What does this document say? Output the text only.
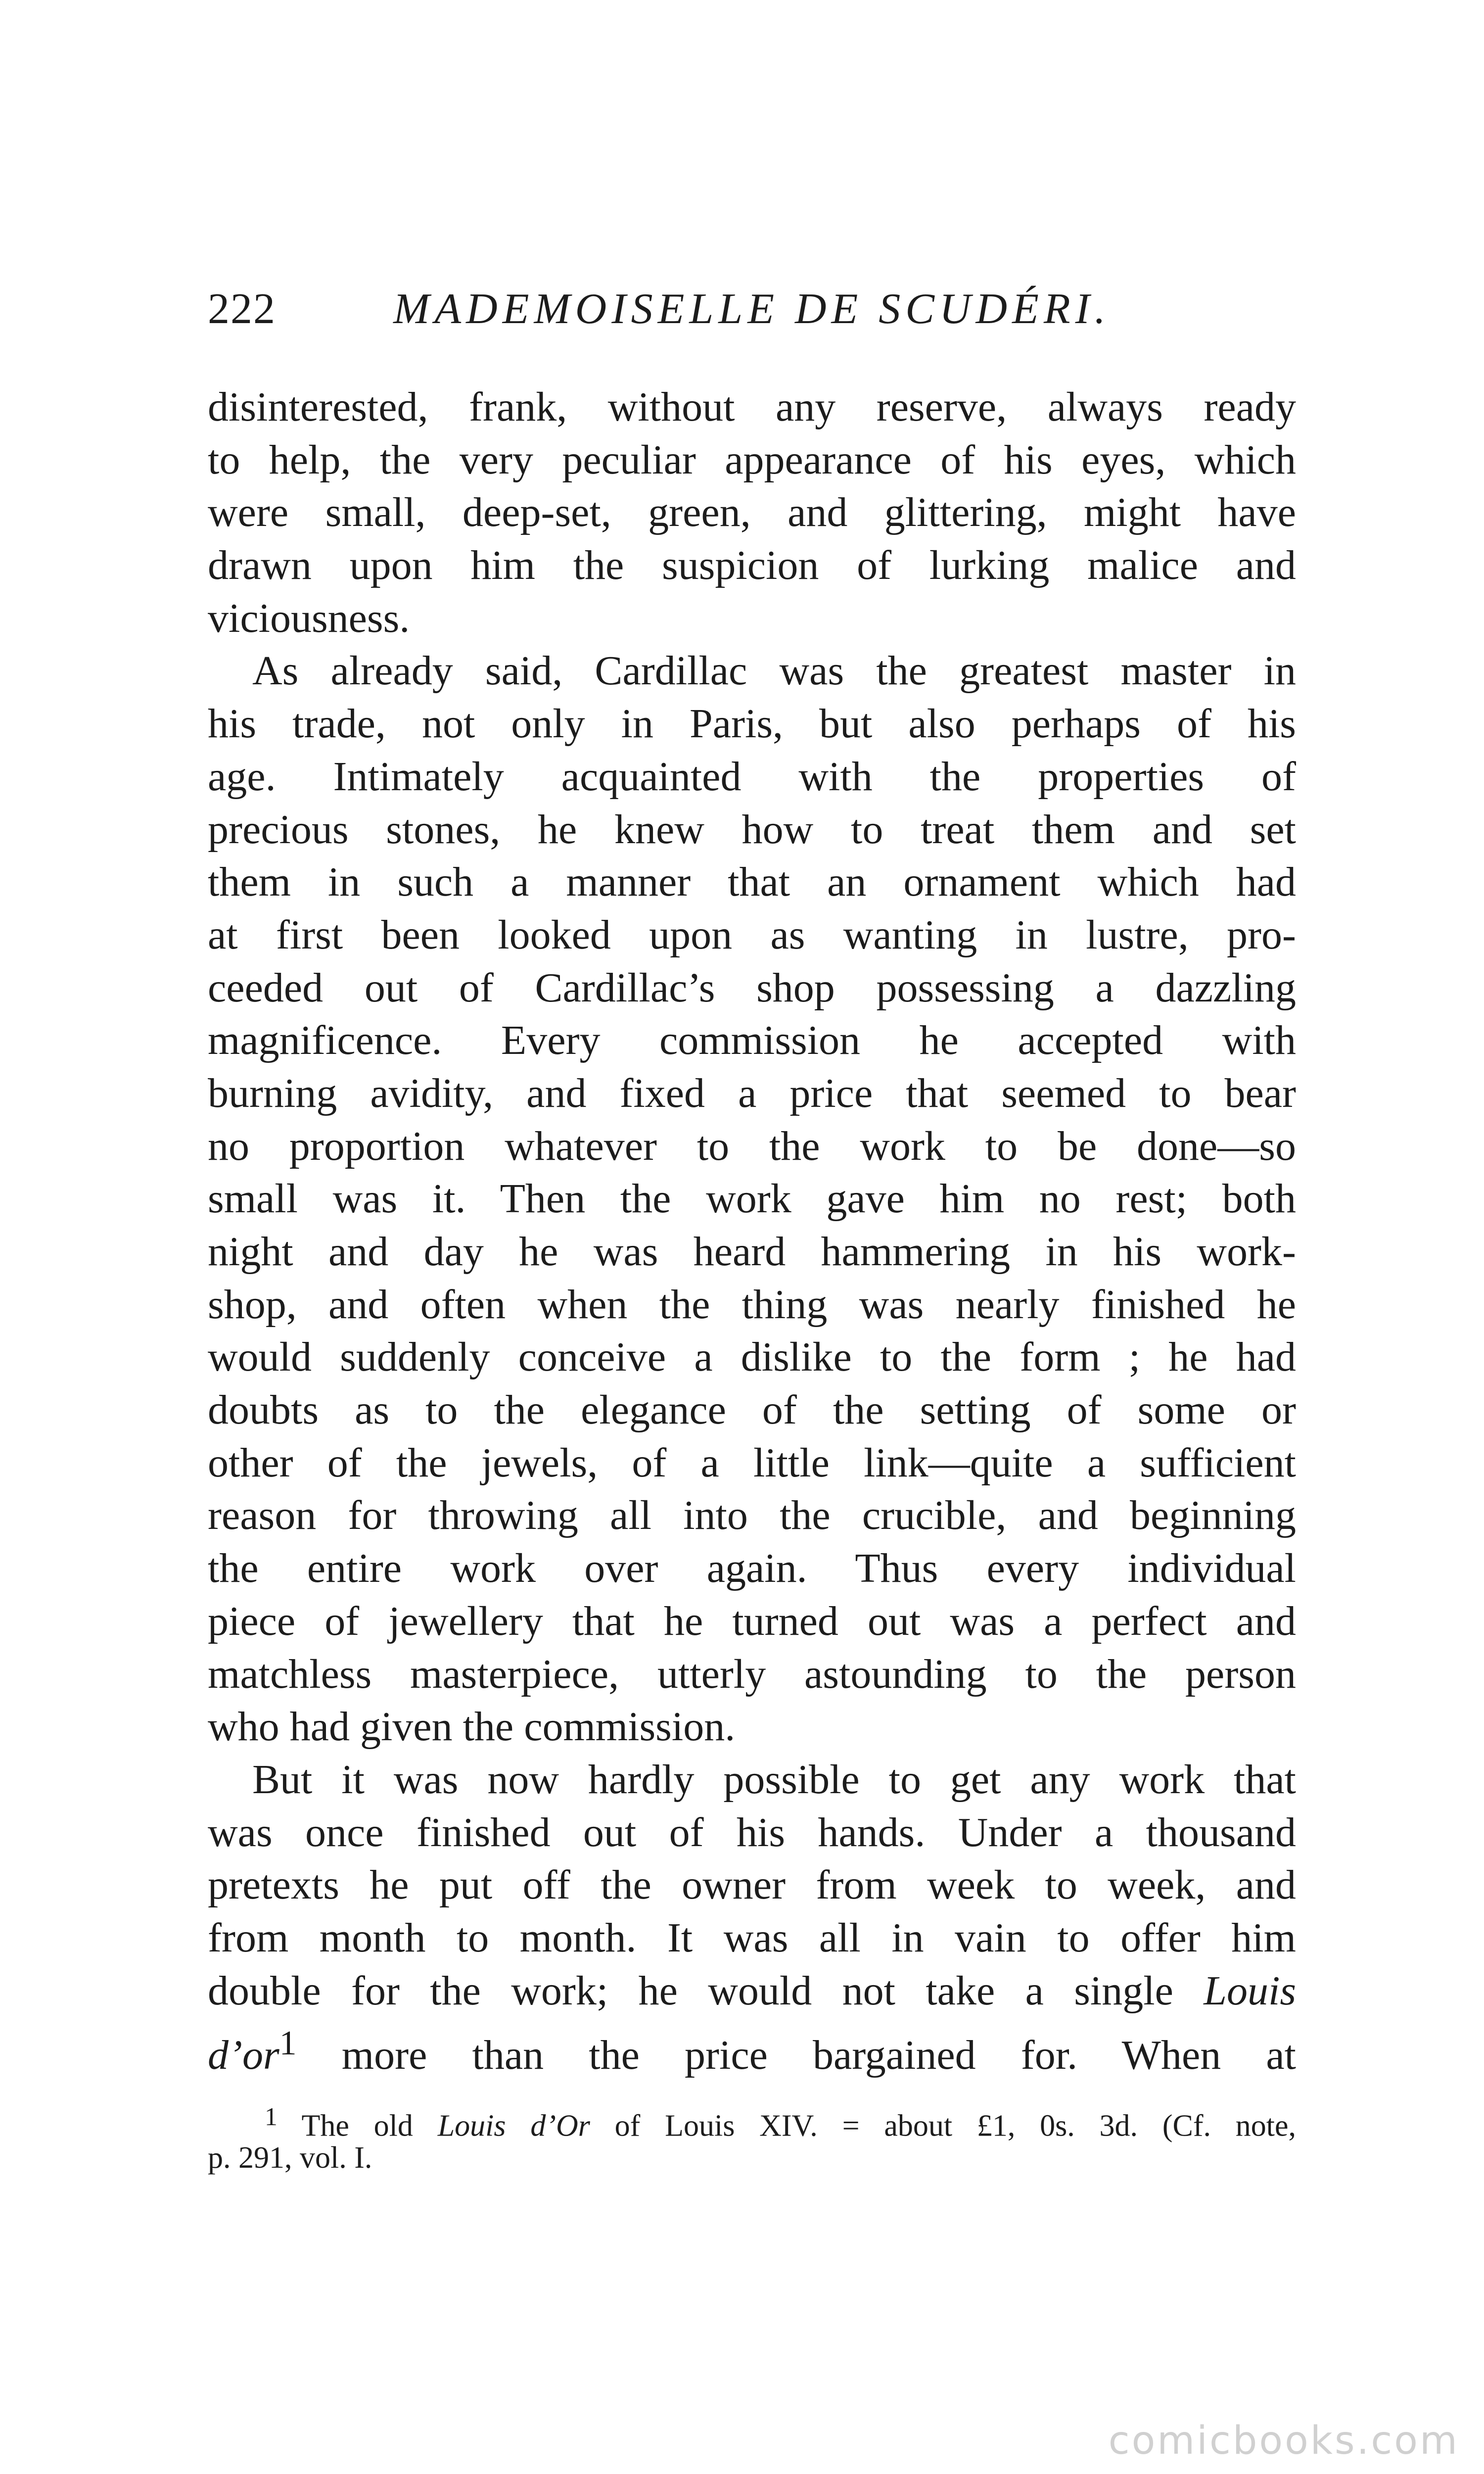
222	MADEMOISELLE DE SCUDÉRI.
disinterested, frank, without any reserve, always ready
to help, the very peculiar appearance of his eyes, which
were small, deep-set, green, and glittering, might have
drawn upon him the suspicion of lurking malice and
viciousness.
As already said, Cardillac was the greatest master in
his trade, not only in Paris, but also perhaps of his
age. Intimately acquainted with the properties of
precious stones, he knew how to treat them and set
them in such a manner that an ornament which had
at first been looked upon as wanting in lustre, pro-
ceeded out of Cardillac’s shop possessing a dazzling
magnificence. Every commission he accepted with
burning avidity, and fixed a price that seemed to bear
no proportion whatever to the work to be done—so
small was it. Then the work gave him no rest; both
night and day he was heard hammering in his work-
shop, and often when the thing was nearly finished he
would suddenly conceive a dislike to the form ; he had
doubts as to the elegance of the setting of some or
other of the jewels, of a little link—quite a sufficient
reason for throwing all into the crucible, and beginning
the entire work over again. Thus every individual
piece of jewellery that he turned out was a perfect and
matchless masterpiece, utterly astounding to the person
who had given the commission.
But it was now hardly possible to get any work that
was once finished out of his hands. Under a thousand
pretexts he put off the owner from week to week, and
from month to month. It was all in vain to offer him
double for the work; he would not take a single Louis
$d’or^1$ more than the price bargained for. When at
$^1$ The old Louis d’Or of Louis XIV. = about £1, 0s. 3d. (Cf. note,
p. 291, vol. I.
comicbooks.com
